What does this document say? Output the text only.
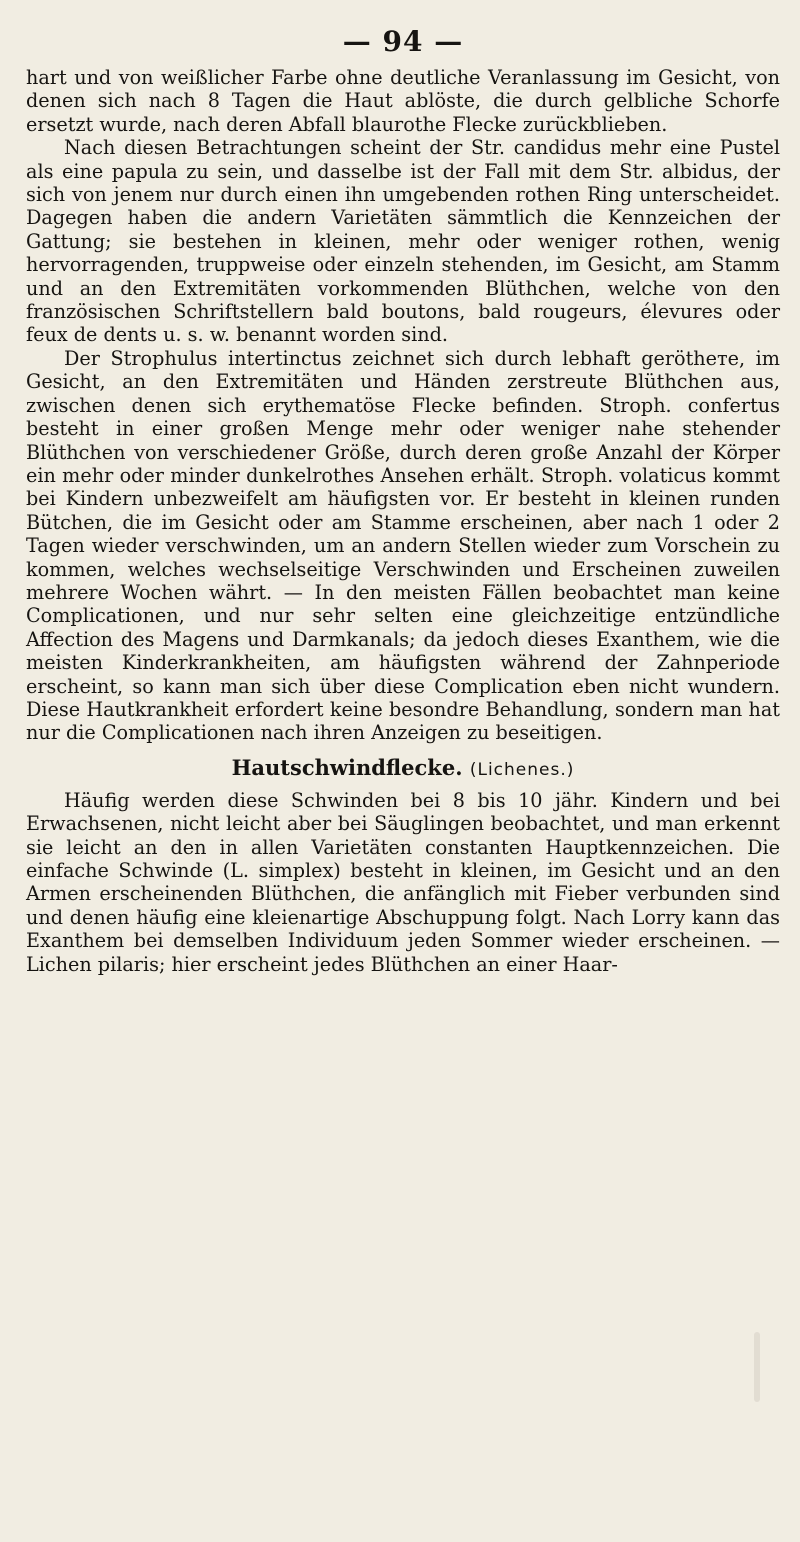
— 94 —

hart und von weißlicher Farbe ohne deutliche Veranlassung im Gesicht, von denen sich nach 8 Tagen die Haut ablöste, die durch gelbliche Schorfe ersetzt wurde, nach deren Abfall blaurothe Flecke zurückblieben.

Nach diesen Betrachtungen scheint der Str. candidus mehr eine Pustel als eine papula zu sein, und dasselbe ist der Fall mit dem Str. albidus, der sich von jenem nur durch einen ihn umgebenden rothen Ring unterscheidet. Dagegen haben die andern Varietäten sämmtlich die Kennzeichen der Gattung; sie bestehen in kleinen, mehr oder weniger rothen, wenig hervorragenden, truppweise oder einzeln stehenden, im Gesicht, am Stamm und an den Extremitäten vorkommenden Blüthchen, welche von den französischen Schriftstellern bald boutons, bald rougeurs, élevures oder feux de dents u. s. w. benannt worden sind.

Der Strophulus intertinctus zeichnet sich durch lebhaft gerötheте, im Gesicht, an den Extremitäten und Händen zerstreute Blüthchen aus, zwischen denen sich erythematöse Flecke befinden. Stroph. confertus besteht in einer großen Menge mehr oder weniger nahe stehender Blüthchen von verschiedener Größe, durch deren große Anzahl der Körper ein mehr oder minder dunkelrothes Ansehen erhält. Stroph. volaticus kommt bei Kindern unbezweifelt am häufigsten vor. Er besteht in kleinen runden Bütchen, die im Gesicht oder am Stamme erscheinen, aber nach 1 oder 2 Tagen wieder verschwinden, um an andern Stellen wieder zum Vorschein zu kommen, welches wechselseitige Verschwinden und Erscheinen zuweilen mehrere Wochen währt. — In den meisten Fällen beobachtet man keine Complicationen, und nur sehr selten eine gleichzeitige entzündliche Affection des Magens und Darmkanals; da jedoch dieses Exanthem, wie die meisten Kinderkrankheiten, am häufigsten während der Zahnperiode erscheint, so kann man sich über diese Complication eben nicht wundern. Diese Hautkrankheit erfordert keine besondre Behandlung, sondern man hat nur die Complicationen nach ihren Anzeigen zu beseitigen.

Hautschwindflecke. (Lichenes.)

Häufig werden diese Schwinden bei 8 bis 10 jähr. Kindern und bei Erwachsenen, nicht leicht aber bei Säuglingen beobachtet, und man erkennt sie leicht an den in allen Varietäten constanten Hauptkennzeichen. Die einfache Schwinde (L. simplex) besteht in kleinen, im Gesicht und an den Armen erscheinenden Blüthchen, die anfänglich mit Fieber verbunden sind und denen häufig eine kleienartige Abschuppung folgt. Nach Lorry kann das Exanthem bei demselben Individuum jeden Sommer wieder erscheinen. — Lichen pilaris; hier erscheint jedes Blüthchen an einer Haar-
